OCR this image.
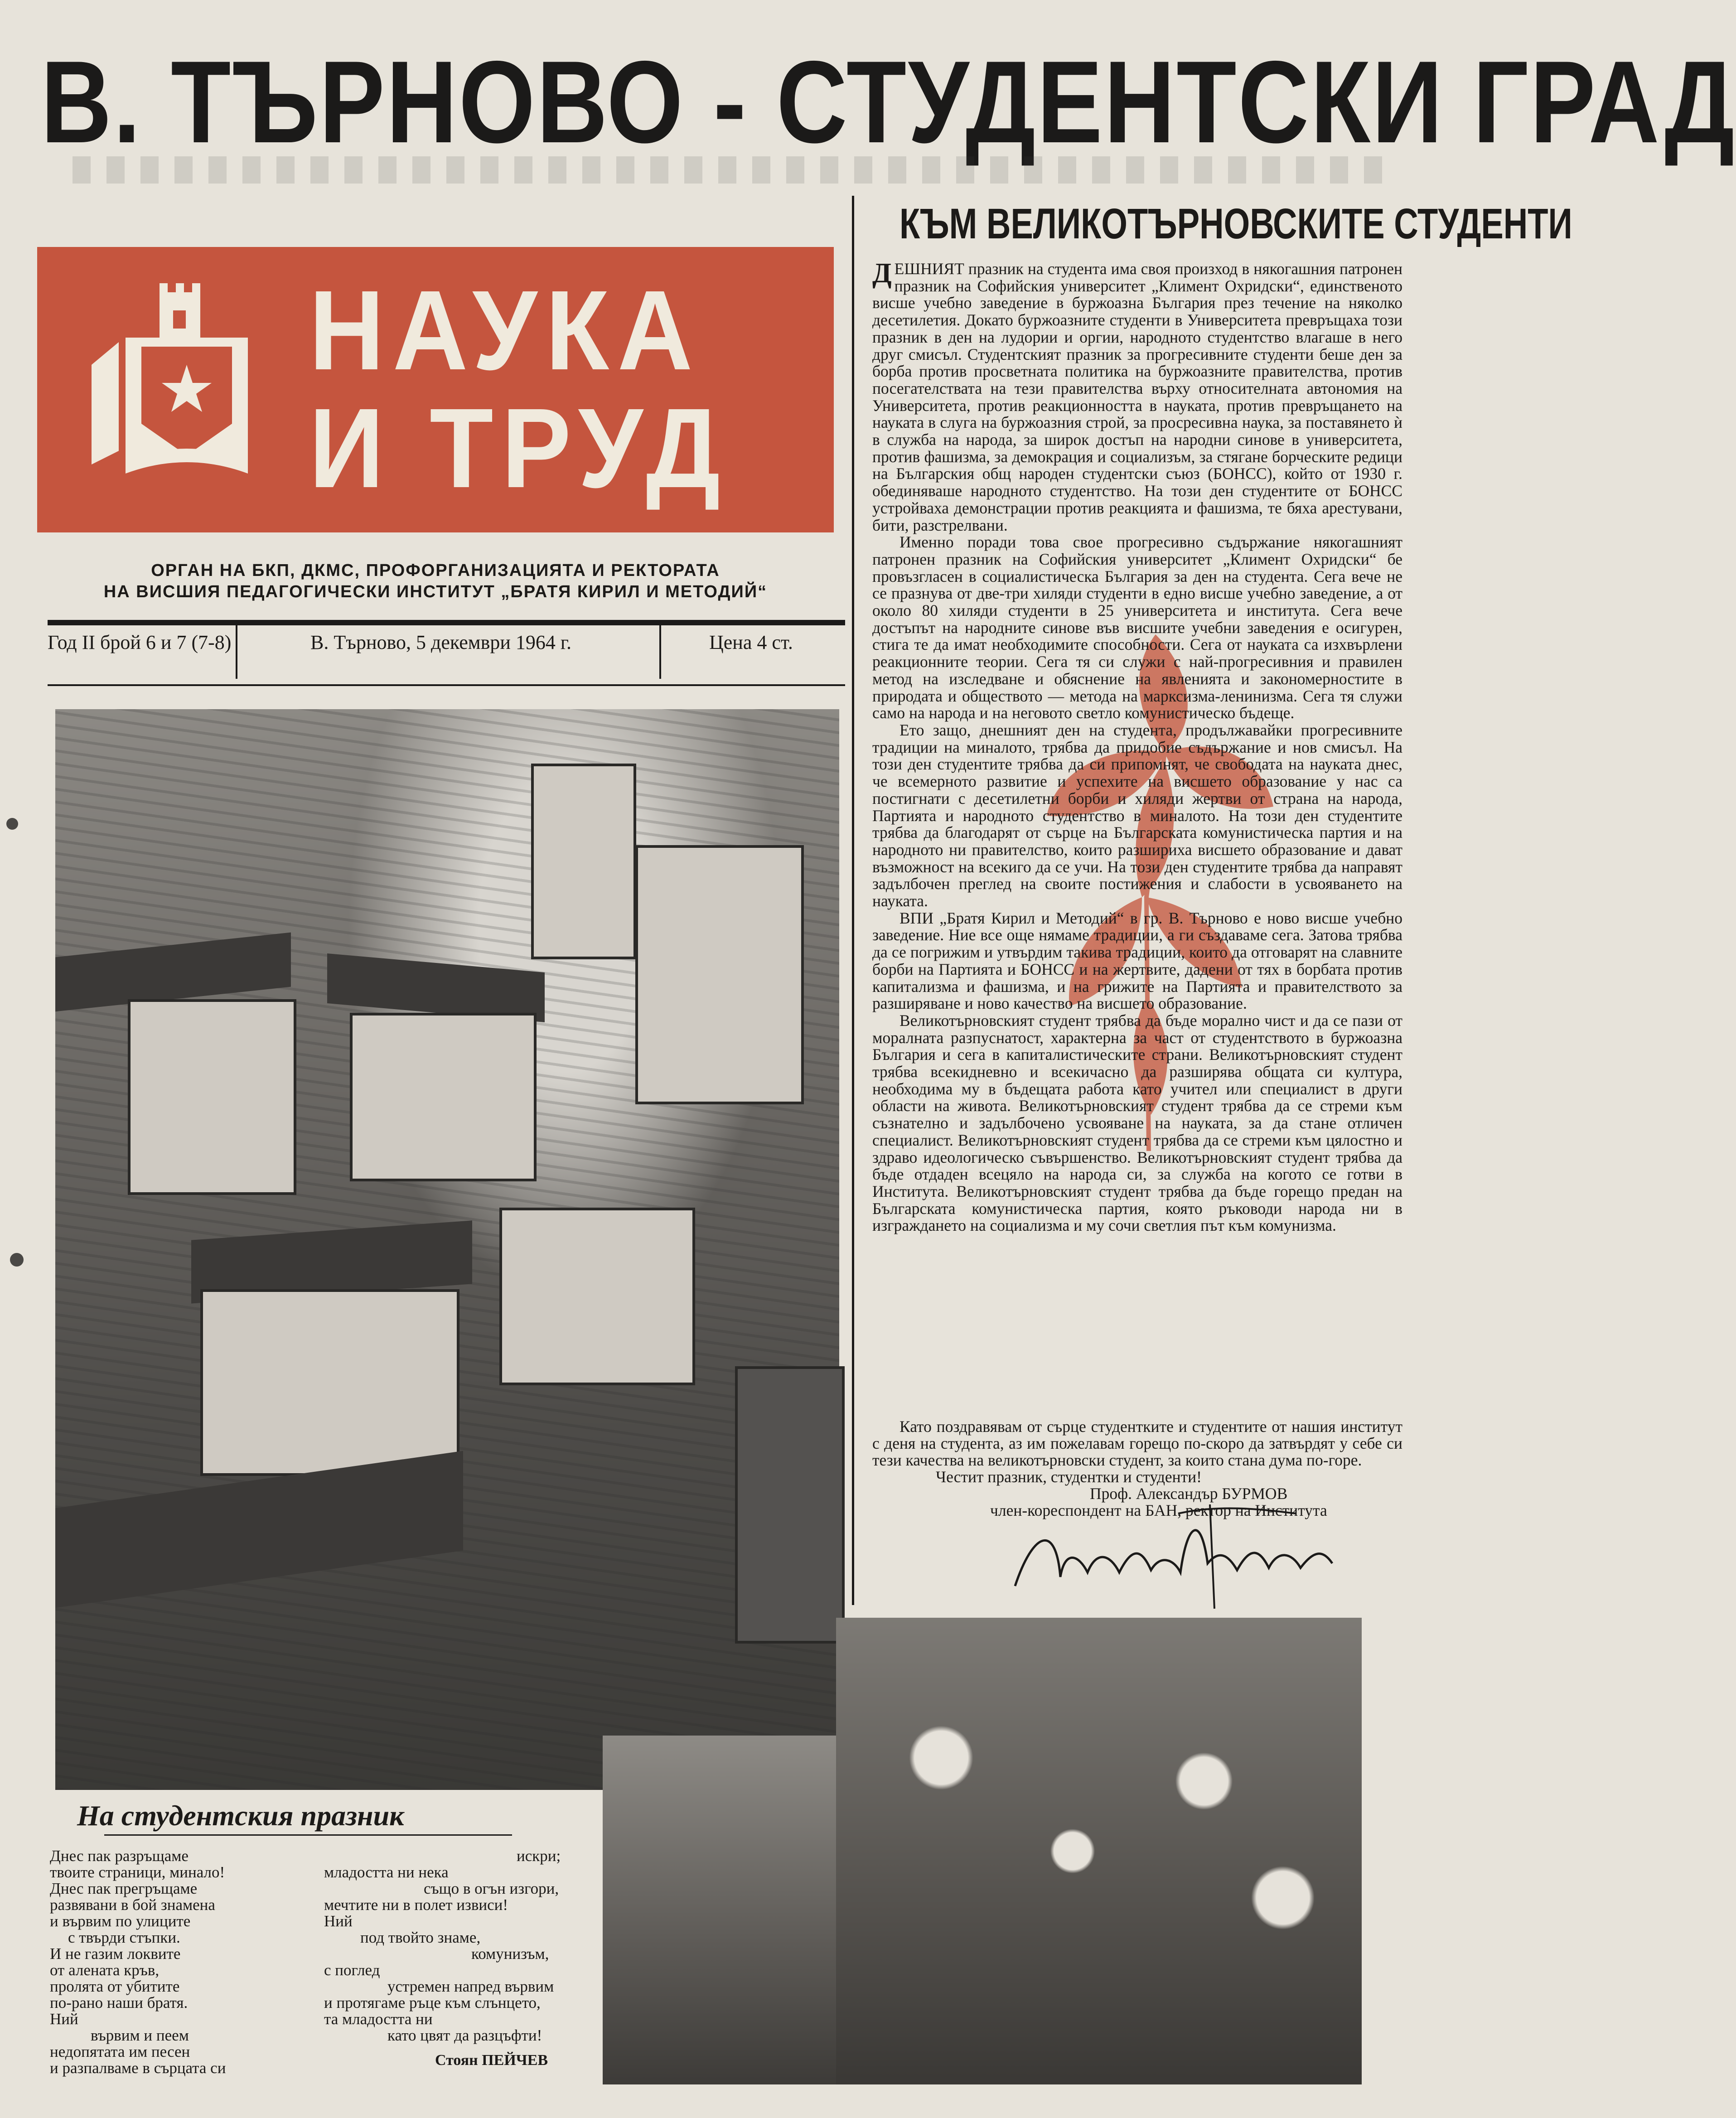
В. ТЪРНОВО - СТУДЕНТСКИ ГРАД
НАУКА
И ТРУД
ОРГАН НА БКП, ДКМС, ПРОФОРГАНИЗАЦИЯТА И РЕКТОРАТА
НА ВИСШИЯ ПЕДАГОГИЧЕСКИ ИНСТИТУТ „БРАТЯ КИРИЛ И МЕТОДИЙ“
Год II брой 6 и 7 (7-8)	В. Търново, 5 декември 1964 г.	Цена 4 ст.
КЪМ ВЕЛИКОТЪРНОВСКИТЕ СТУДЕНТИ

ДЕШНИЯТ празник на студента има своя произход в някогашния патронен празник на Софийския университет „Климент Охридски“, единственото висше учебно заведение в буржоазна България през течение на няколко десетилетия. Докато буржоазните студенти в Университета превръщаха този празник в ден на лудории и оргии, народното студентство влагаше в него друг смисъл. Студентският празник за прогресивните студенти беше ден за борба против просветната политика на буржоазните правителства, против посегателствата на тези правителства върху относителната автономия на Университета, против реакционността в науката, против превръщането на науката в слуга на буржоазния строй, за просресивна наука, за поставянето ѝ в служба на народа, за широк достъп на народни синове в университета, против фашизма, за демокрация и социализъм, за стягане борческите редици на Българския общ народен студентски съюз (БОНСС), който от 1930 г. обединяваше народното студентство. На този ден студентите от БОНСС устройваха демонстрации против реакцията и фашизма, те бяха арестувани, бити, разстрелвани.

Именно поради това свое прогресивно съдържание някогашният патронен празник на Софийския университет „Климент Охридски“ бе провъзгласен в социалистическа България за ден на студента. Сега вече не се празнува от две-три хиляди студенти в едно висше учебно заведение, а от около 80 хиляди студенти в 25 университета и института. Сега вече достъпът на народните синове във висшите учебни заведения е осигурен, стига те да имат необходимите способности. Сега от науката са изхвърлени реакционните теории. Сега тя си служи с най-прогресивния и правилен метод на изследване и обяснение на явленията и закономерностите в природата и обществото — метода на марксизма-ленинизма. Сега тя служи само на народа и на неговото светло комунистическо бъдеще.

Ето защо, днешният ден на студента, продължавайки прогресивните традиции на миналото, трябва да придобие съдържание и нов смисъл. На този ден студентите трябва да си припомнят, че свободата на науката днес, че всемерното развитие и успехите на висшето образование у нас са постигнати с десетилетни борби и хиляди жертви от страна на народа, Партията и народното студентство в миналото. На този ден студентите трябва да благодарят от сърце на Българската комунистическа партия и на народното ни правителство, които разшириха висшето образование и дават възможност на всекиго да се учи. На този ден студентите трябва да направят задълбочен преглед на своите постижения и слабости в усвояването на науката.

ВПИ „Братя Кирил и Методий“ в гр. В. Търново е ново висше учебно заведение. Ние все още нямаме традиции, а ги създаваме сега. Затова трябва да се погрижим и утвърдим такива традиции, които да отговарят на славните борби на Партията и БОНСС и на жертвите, дадени от тях в борбата против капитализма и фашизма, и на грижите на Партията и правителството за разширяване и ново качество на висшето образование.

Великотърновският студент трябва да бъде морално чист и да се пази от моралната разпуснатост, характерна за част от студентството в буржоазна България и сега в капиталистическите страни. Великотърновският студент трябва всекидневно и всекичасно да разширява общата си култура, необходима му в бъдещата работа като учител или специалист в други области на живота. Великотърновският студент трябва да се стреми към съзнателно и задълбочено усвояване на науката, за да стане отличен специалист. Великотърновският студент трябва да се стреми към цялостно и здраво идеологическо съвършенство. Великотърновският студент трябва да бъде отдаден всецяло на народа си, за служба на когото се готви в Института. Великотърновският студент трябва да бъде горещо предан на Българската комунистическа партия, която ръководи народа ни в изграждането на социализма и му сочи светлия път към комунизма.

Като поздравявам от сърце студентките и студентите от нашия институт с деня на студента, аз им пожелавам горещо по-скоро да затвърдят у себе си тези качества на великотърновски студент, за които стана дума по-горе.

Честит празник, студентки и студенти!
Проф. Александър БУРМОВ
член-кореспондент на БАН, ректор на Института
На студентския празник
Днес пак разръщаме
твоите страници, минало!
Днес пак прегръщаме
развявани в бой знамена
и вървим по улиците
с твърди стъпки.
И не газим локвите
от алената кръв,
пролята от убитите
по-рано наши братя.
Ний
вървим и пеем
недопятата им песен
и разпалваме в сърцата си
искри;
младостта ни нека
също в огън изгори,
мечтите ни в полет извиси!
Ний
под твойто знаме,
комунизъм,
с поглед
устремен напред вървим
и протягаме ръце към слънцето,
та младостта ни
като цвят да разцъфти!
Стоян ПЕЙЧЕВ
